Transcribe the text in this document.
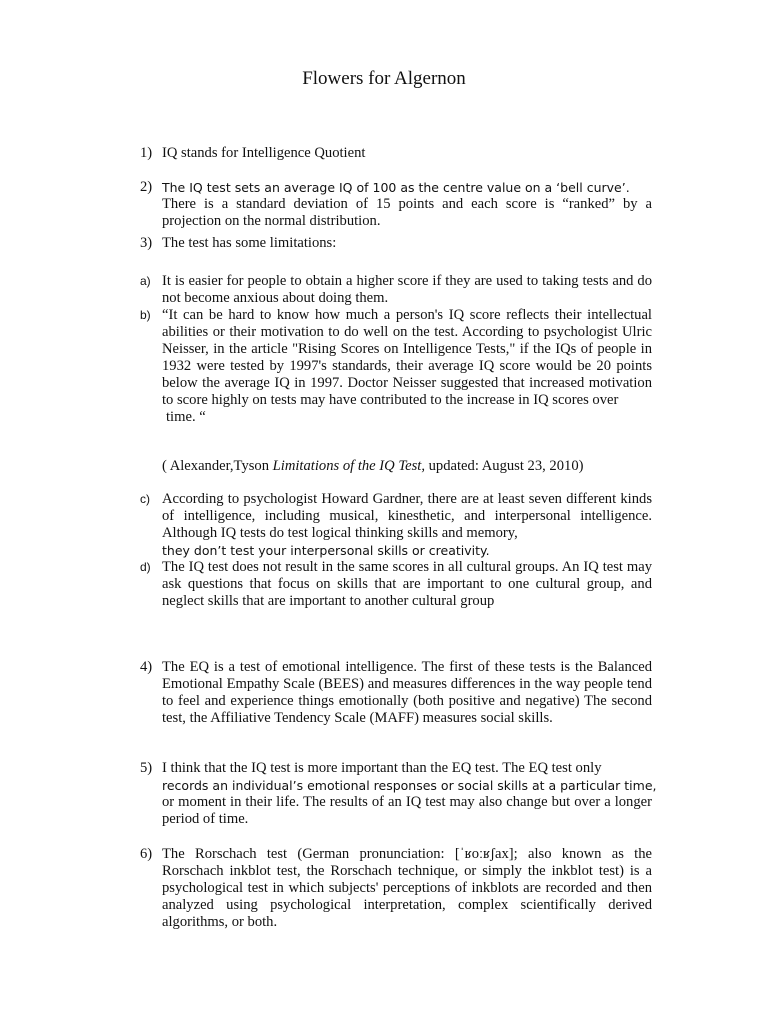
Flowers for Algernon
1) IQ stands for Intelligence Quotient
2) The IQ test sets an average IQ of 100 as the centre value on a ‘bell curve’.
There is a standard deviation of 15 points and each score is “ranked” by a projection on the normal distribution.
3) The test has some limitations:
a) It is easier for people to obtain a higher score if they are used to taking tests and do not become anxious about doing them.
b) “It can be hard to know how much a person's IQ score reflects their intellectual abilities or their motivation to do well on the test. According to psychologist Ulric Neisser, in the article "Rising Scores on Intelligence Tests," if the IQs of people in 1932 were tested by 1997's standards, their average IQ score would be 20 points below the average IQ in 1997. Doctor Neisser suggested that increased motivation to score highly on tests may have contributed to the increase in IQ scores over
time. “
( Alexander,Tyson Limitations of the IQ Test, updated: August 23, 2010)
c) According to psychologist Howard Gardner, there are at least seven different kinds of intelligence, including musical, kinesthetic, and interpersonal intelligence. Although IQ tests do test logical thinking skills and memory,
they don’t test your interpersonal skills or creativity.
d) The IQ test does not result in the same scores in all cultural groups. An IQ test may ask questions that focus on skills that are important to one cultural group, and neglect skills that are important to another cultural group
4) The EQ is a test of emotional intelligence. The first of these tests is the Balanced Emotional Empathy Scale (BEES) and measures differences in the way people tend to feel and experience things emotionally (both positive and negative) The second test, the Affiliative Tendency Scale (MAFF) measures social skills.
5) I think that the IQ test is more important than the EQ test. The EQ test only
records an individual’s emotional responses or social skills at a particular time,
or moment in their life. The results of an IQ test may also change but over a longer period of time.
6) The Rorschach test (German pronunciation: [ˈʁoːʁʃax]; also known as the Rorschach inkblot test, the Rorschach technique, or simply the inkblot test) is a psychological test in which subjects' perceptions of inkblots are recorded and then analyzed using psychological interpretation, complex scientifically derived algorithms, or both.
